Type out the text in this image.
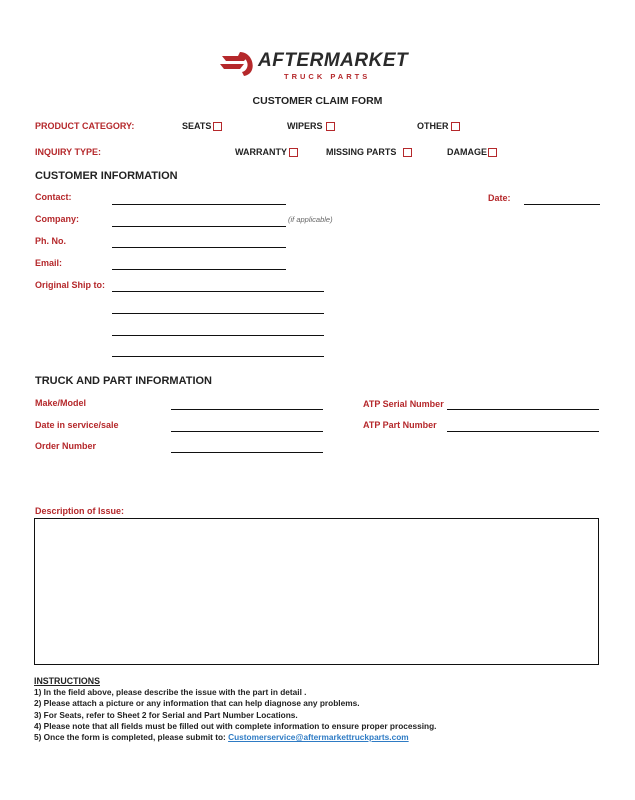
AFTERMARKET
TRUCK PARTS
CUSTOMER CLAIM FORM
PRODUCT CATEGORY:	SEATS	WIPERS	OTHER
INQUIRY TYPE:	WARRANTY	MISSING PARTS	DAMAGE
CUSTOMER INFORMATION
Contact:	Date:
Company:	(if applicable)
Ph. No.
Email:
Original Ship to:
TRUCK AND PART INFORMATION
Make/Model	ATP Serial Number
Date in service/sale	ATP Part Number
Order Number
Description of Issue:
INSTRUCTIONS
1) In the field above, please describe the issue with the part in detail .
2) Please attach a picture or any information that can help diagnose any problems.
3) For Seats, refer to Sheet 2 for Serial and Part Number Locations.
4) Please note that all fields must be filled out with complete information to ensure proper processing.
5) Once the form is completed, please submit to: Customerservice@aftermarkettruckparts.com
